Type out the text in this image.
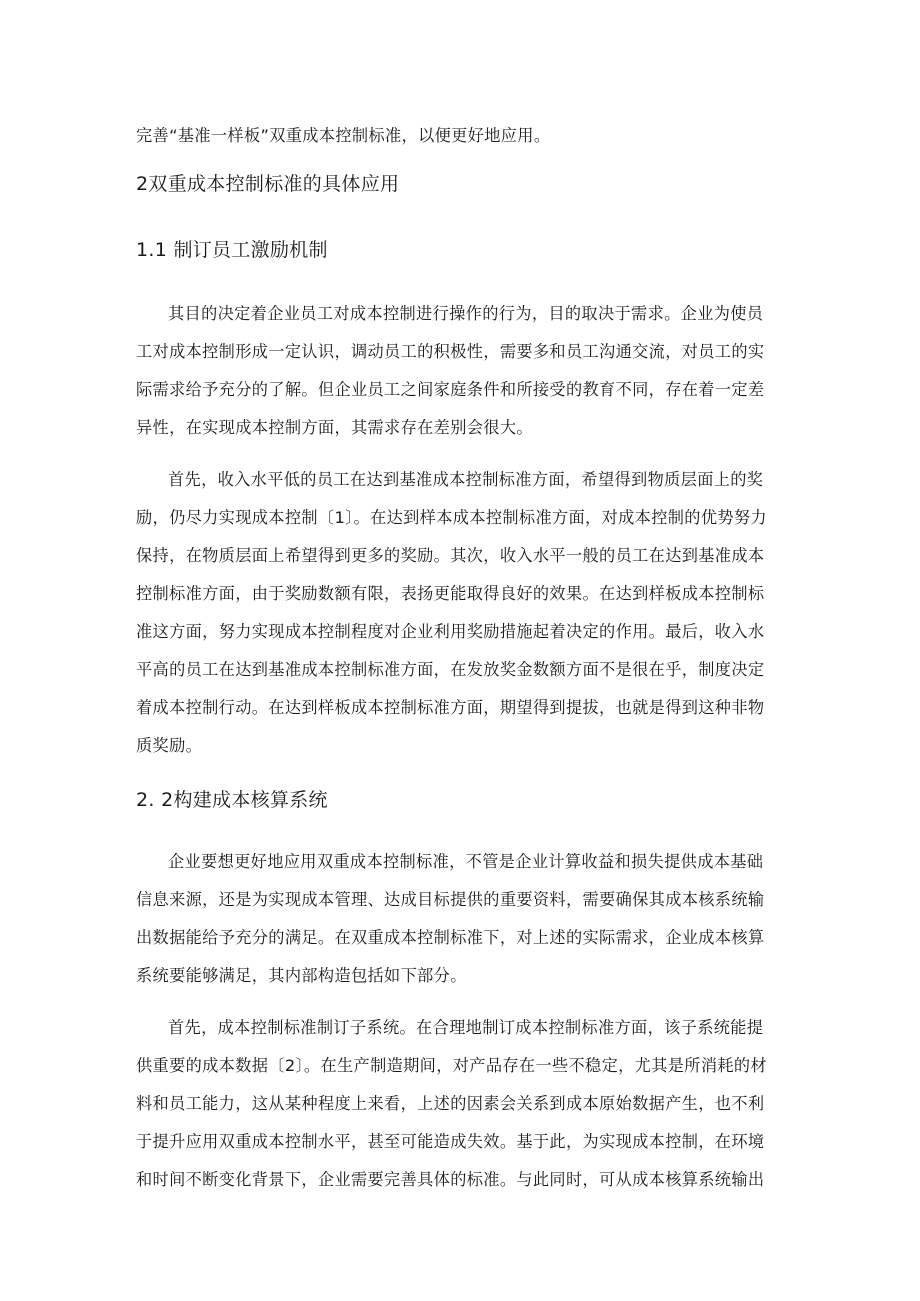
完善“基准一样板”双重成本控制标准，以便更好地应用。
2双重成本控制标准的具体应用
1.1 制订员工激励机制
其目的决定着企业员工对成本控制进行操作的行为，目的取决于需求。企业为使员
工对成本控制形成一定认识，调动员工的积极性，需要多和员工沟通交流，对员工的实
际需求给予充分的了解。但企业员工之间家庭条件和所接受的教育不同，存在着一定差
异性，在实现成本控制方面，其需求存在差别会很大。
首先，收入水平低的员工在达到基准成本控制标准方面，希望得到物质层面上的奖
励，仍尽力实现成本控制〔1〕。在达到样本成本控制标准方面，对成本控制的优势努力
保持，在物质层面上希望得到更多的奖励。其次，收入水平一般的员工在达到基准成本
控制标准方面，由于奖励数额有限，表扬更能取得良好的效果。在达到样板成本控制标
准这方面，努力实现成本控制程度对企业利用奖励措施起着决定的作用。最后，收入水
平高的员工在达到基准成本控制标准方面，在发放奖金数额方面不是很在乎，制度决定
着成本控制行动。在达到样板成本控制标准方面，期望得到提拔，也就是得到这种非物
质奖励。
2. 2构建成本核算系统
企业要想更好地应用双重成本控制标准，不管是企业计算收益和损失提供成本基础
信息来源，还是为实现成本管理、达成目标提供的重要资料，需要确保其成本核系统输
出数据能给予充分的满足。在双重成本控制标准下，对上述的实际需求，企业成本核算
系统要能够满足，其内部构造包括如下部分。
首先，成本控制标准制订子系统。在合理地制订成本控制标准方面，该子系统能提
供重要的成本数据〔2〕。在生产制造期间，对产品存在一些不稳定，尤其是所消耗的材
料和员工能力，这从某种程度上来看，上述的因素会关系到成本原始数据产生，也不利
于提升应用双重成本控制水平，甚至可能造成失效。基于此，为实现成本控制，在环境
和时间不断变化背景下，企业需要完善具体的标准。与此同时，可从成本核算系统输出
